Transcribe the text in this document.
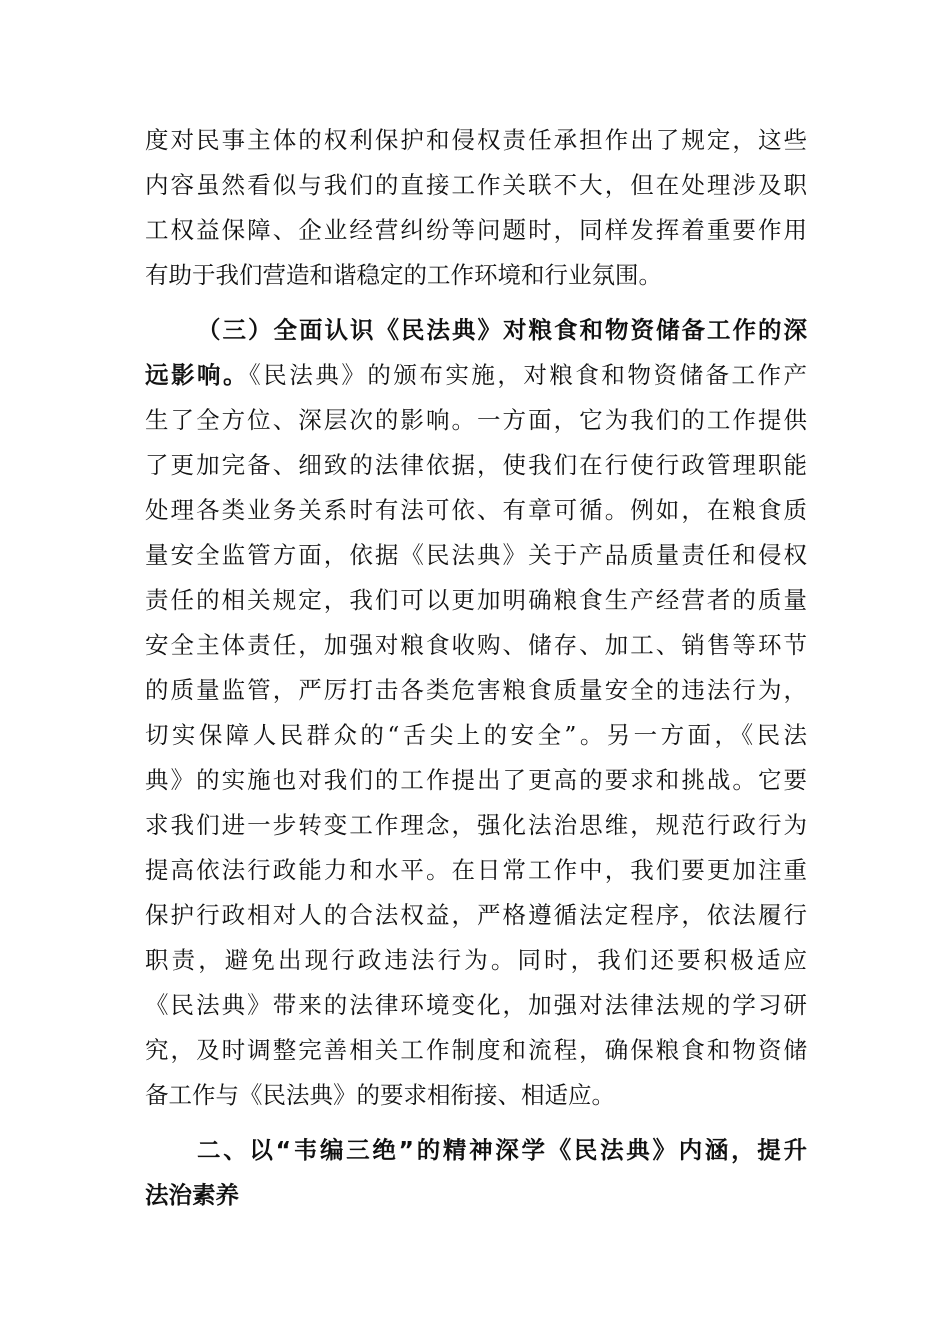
度对民事主体的权利保护和侵权责任承担作出了规定，这些
内容虽然看似与我们的直接工作关联不大，但在处理涉及职
工权益保障、企业经营纠纷等问题时，同样发挥着重要作用
有助于我们营造和谐稳定的工作环境和行业氛围。
（三）全面认识《民法典》对粮食和物资储备工作的深
远影响。《民法典》的颁布实施，对粮食和物资储备工作产
生了全方位、深层次的影响。一方面，它为我们的工作提供
了更加完备、细致的法律依据，使我们在行使行政管理职能
处理各类业务关系时有法可依、有章可循。例如，在粮食质
量安全监管方面，依据《民法典》关于产品质量责任和侵权
责任的相关规定，我们可以更加明确粮食生产经营者的质量
安全主体责任，加强对粮食收购、储存、加工、销售等环节
的质量监管，严厉打击各类危害粮食质量安全的违法行为，
切实保障人民群众的“舌尖上的安全”。另一方面，《民法
典》的实施也对我们的工作提出了更高的要求和挑战。它要
求我们进一步转变工作理念，强化法治思维，规范行政行为
提高依法行政能力和水平。在日常工作中，我们要更加注重
保护行政相对人的合法权益，严格遵循法定程序，依法履行
职责，避免出现行政违法行为。同时，我们还要积极适应
《民法典》带来的法律环境变化，加强对法律法规的学习研
究，及时调整完善相关工作制度和流程，确保粮食和物资储
备工作与《民法典》的要求相衔接、相适应。
二、以“韦编三绝”的精神深学《民法典》内涵，提升
法治素养
